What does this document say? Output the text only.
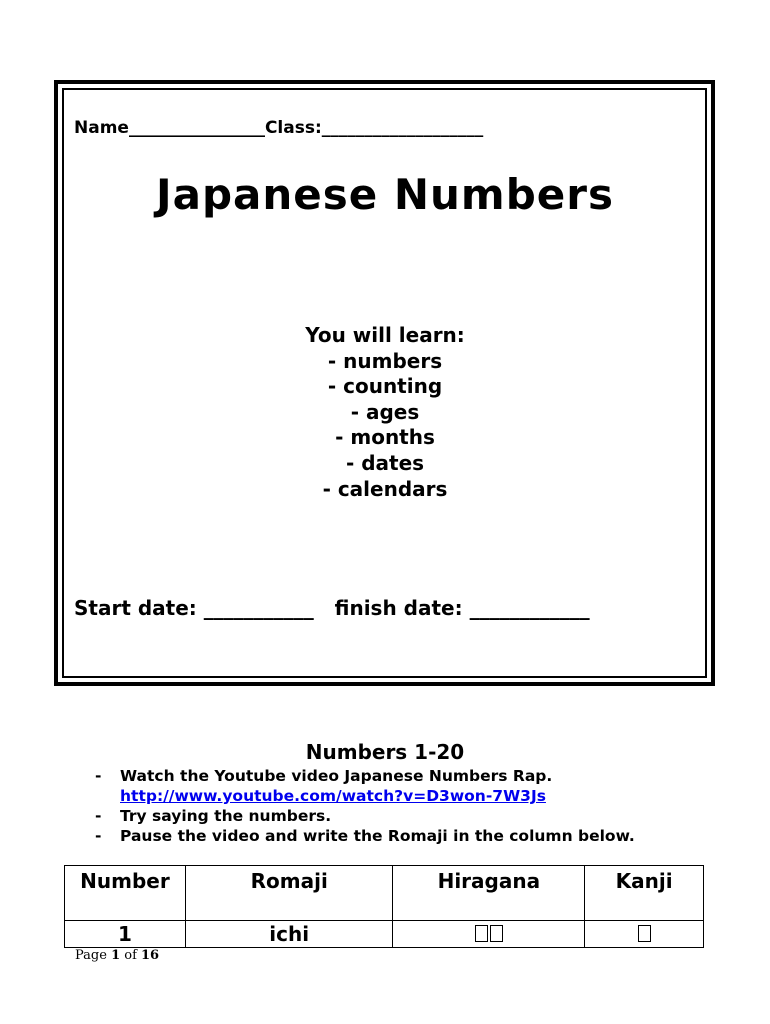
Name________________Class:___________________
Japanese Numbers
You will learn:
- numbers
- counting
- ages
- months
- dates
- calendars
Start date: ___________ finish date: ____________
Numbers 1-20
- Watch the Youtube video Japanese Numbers Rap.
http://www.youtube.com/watch?v=D3won-7W3Js
- Try saying the numbers.
- Pause the video and write the Romaji in the column below.
Number	Romaji	Hiragana	Kanji
1	ichi		
Page 1 of 16
